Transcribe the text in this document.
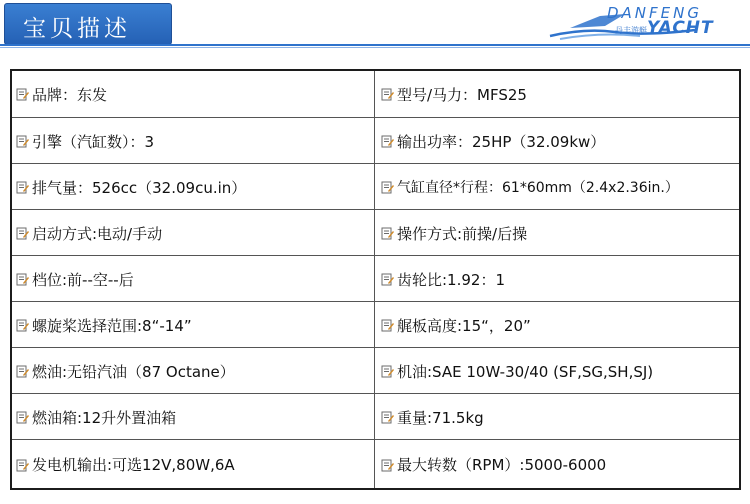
宝贝描述
DANFENG
丹丰游艇 YACHT
品牌：东发	型号/马力：MFS25
引擎（汽缸数）：3	输出功率：25HP（32.09kw）
排气量：526cc（32.09cu.in）	气缸直径*行程：61*60mm（2.4x2.36in.）
启动方式:电动/手动	操作方式:前操/后操
档位:前--空--后	齿轮比:1.92：1
螺旋桨选择范围:8“-14”	艉板高度:15“，20”
燃油:无铅汽油（87 Octane）	机油:SAE 10W-30/40 (SF,SG,SH,SJ)
燃油箱:12升外置油箱	重量:71.5kg
发电机输出:可选12V,80W,6A	最大转数（RPM）:5000-6000
